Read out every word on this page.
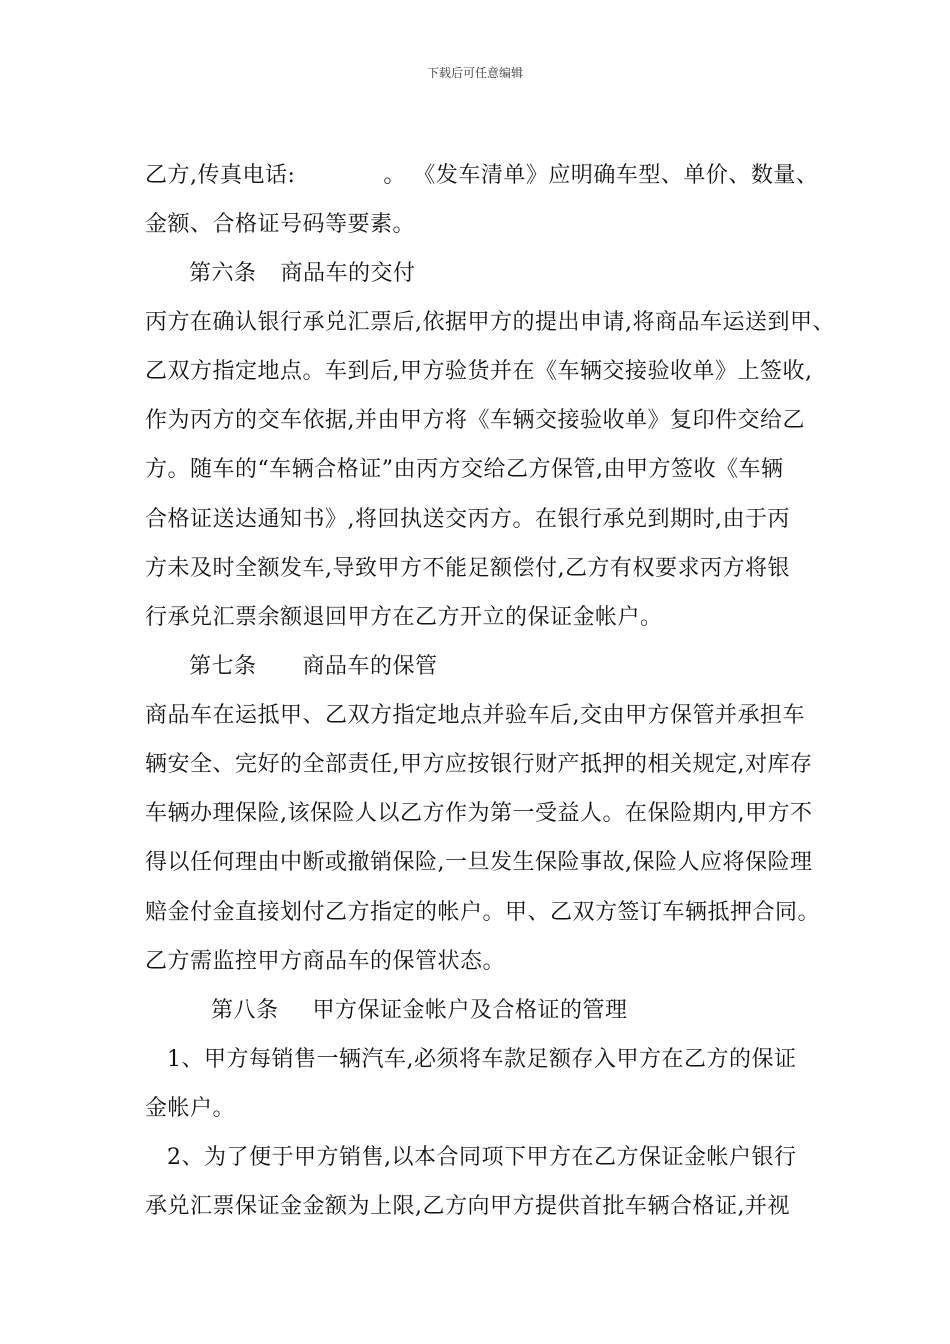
下载后可任意编辑
乙方,传真电话:	。 《发车清单》应明确车型、单价、数量、
金额、合格证号码等要素。
第六条 商品车的交付
丙方在确认银行承兑汇票后,依据甲方的提出申请,将商品车运送到甲、
乙双方指定地点。车到后,甲方验货并在《车辆交接验收单》上签收,
作为丙方的交车依据,并由甲方将《车辆交接验收单》复印件交给乙
方。随车的“车辆合格证”由丙方交给乙方保管,由甲方签收《车辆
合格证送达通知书》,将回执送交丙方。在银行承兑到期时,由于丙
方未及时全额发车,导致甲方不能足额偿付,乙方有权要求丙方将银
行承兑汇票余额退回甲方在乙方开立的保证金帐户。
第七条 商品车的保管
商品车在运抵甲、乙双方指定地点并验车后,交由甲方保管并承担车
辆安全、完好的全部责任,甲方应按银行财产抵押的相关规定,对库存
车辆办理保险,该保险人以乙方作为第一受益人。在保险期内,甲方不
得以任何理由中断或撤销保险,一旦发生保险事故,保险人应将保险理
赔金付金直接划付乙方指定的帐户。甲、乙双方签订车辆抵押合同。
乙方需监控甲方商品车的保管状态。
第八条 甲方保证金帐户及合格证的管理
1、甲方每销售一辆汽车,必须将车款足额存入甲方在乙方的保证
金帐户。
2、为了便于甲方销售,以本合同项下甲方在乙方保证金帐户银行
承兑汇票保证金金额为上限,乙方向甲方提供首批车辆合格证,并视
